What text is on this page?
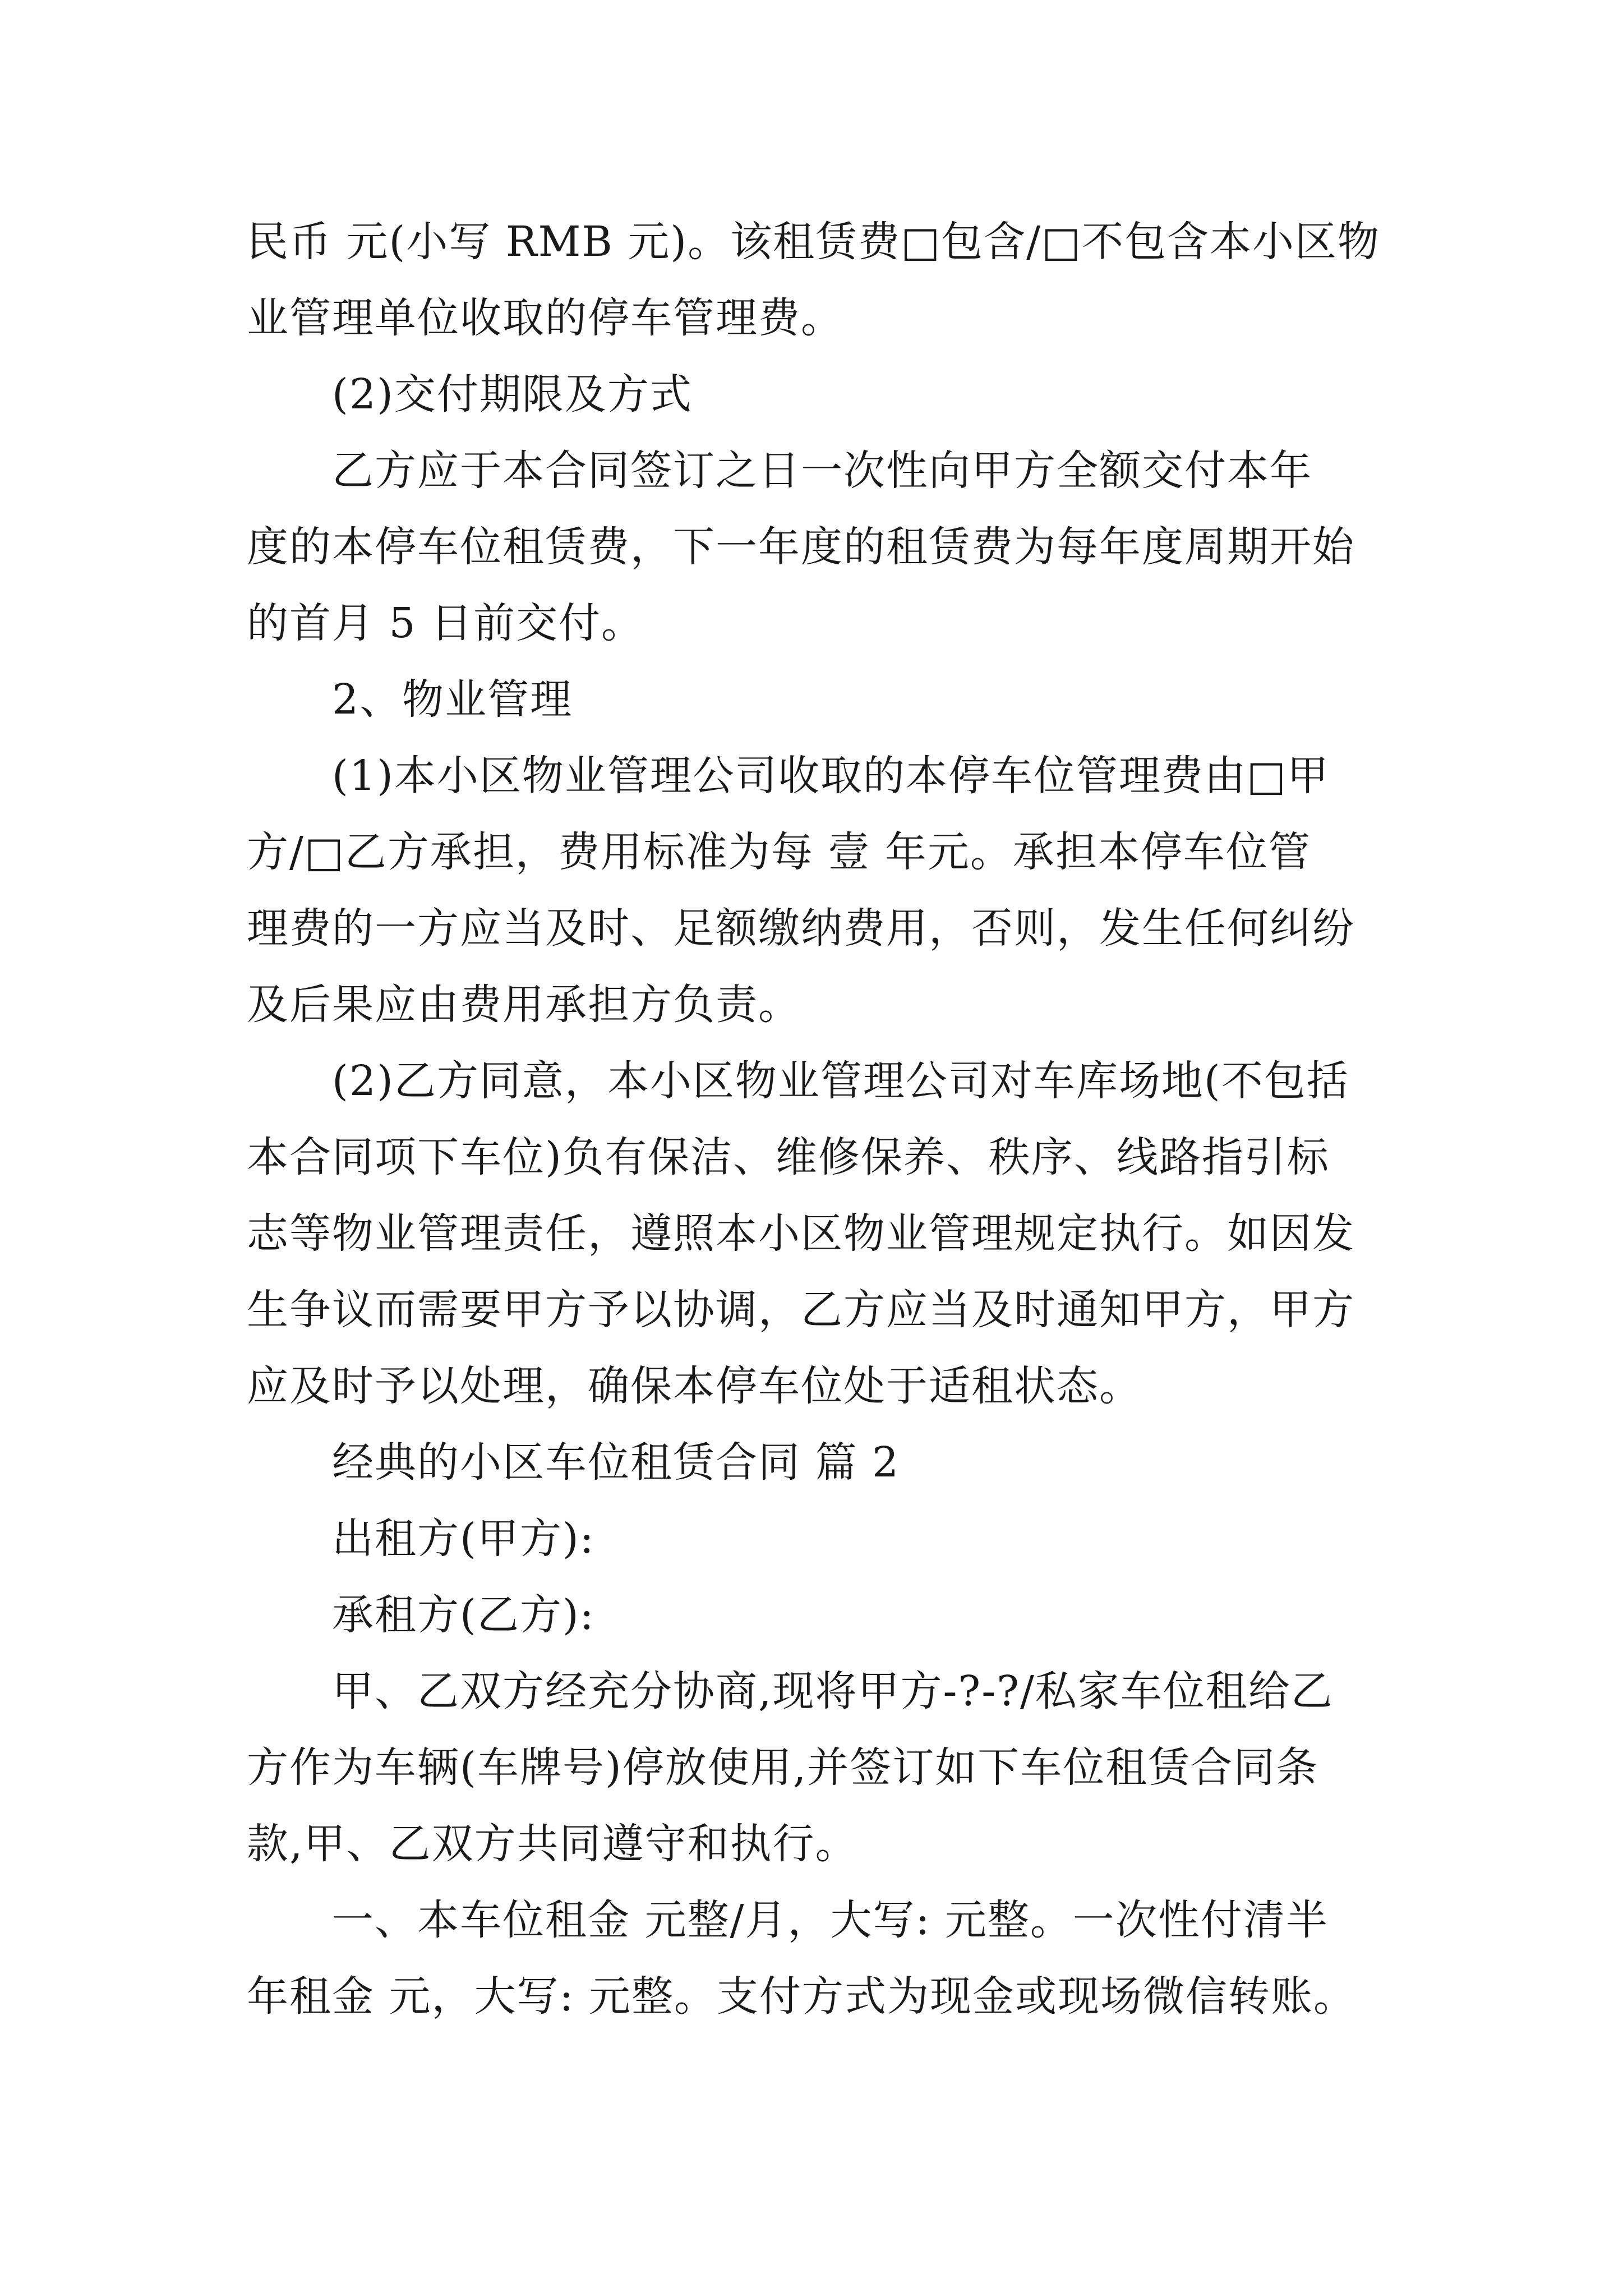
民币 元(小写 RMB 元)。该租赁费□包含/□不包含本小区物
业管理单位收取的停车管理费。
(2)交付期限及方式
乙方应于本合同签订之日一次性向甲方全额交付本年
度的本停车位租赁费，下一年度的租赁费为每年度周期开始
的首月 5 日前交付。
2、物业管理
(1)本小区物业管理公司收取的本停车位管理费由□甲
方/□乙方承担，费用标准为每 壹 年元。承担本停车位管
理费的一方应当及时、足额缴纳费用，否则，发生任何纠纷
及后果应由费用承担方负责。
(2)乙方同意，本小区物业管理公司对车库场地(不包括
本合同项下车位)负有保洁、维修保养、秩序、线路指引标
志等物业管理责任，遵照本小区物业管理规定执行。如因发
生争议而需要甲方予以协调，乙方应当及时通知甲方，甲方
应及时予以处理，确保本停车位处于适租状态。
经典的小区车位租赁合同 篇 2
出租方(甲方):
承租方(乙方):
甲、乙双方经充分协商,现将甲方-?-?/私家车位租给乙
方作为车辆(车牌号)停放使用,并签订如下车位租赁合同条
款,甲、乙双方共同遵守和执行。
一、本车位租金 元整/月，大写: 元整。一次性付清半
年租金 元，大写: 元整。支付方式为现金或现场微信转账。
